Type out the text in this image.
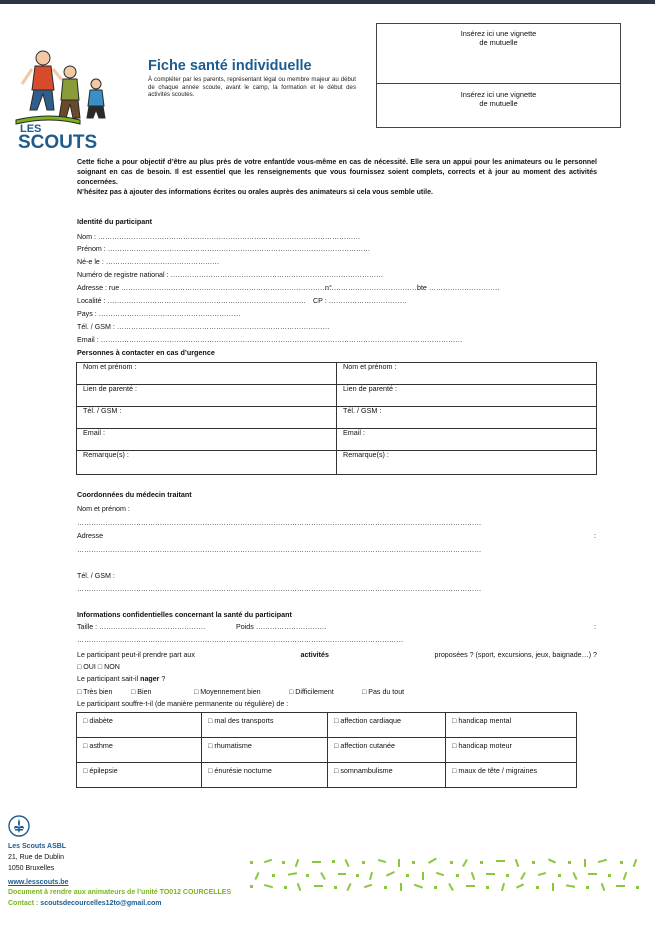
LES
SCOUTS
Fiche santé individuelle
À compléter par les parents, représentant légal ou membre majeur au début de chaque année scoute, avant le camp, la formation et le début des activités scoutes.
Insérez ici une vignette de mutuelle
Insérez ici une vignette de mutuelle
Cette fiche a pour objectif d’être au plus près de votre enfant/de vous-même en cas de nécessité. Elle sera un appui pour les animateurs ou le personnel soignant en cas de besoin. Il est essentiel que les renseignements que vous fournissez soient complets, corrects et à jour au moment des activités concernées.
N’hésitez pas à ajouter des informations écrites ou orales auprès des animateurs si cela vous semble utile.
Identité du participant
Nom : …………………………………………………………………………………………………
Prénom : …………………………………………………………………………………………………
Né-e le : …………………………………………
Numéro de registre national : ………………………………………………………………………………
Adresse : rue ………………………………………………………………………………
n° ………………………………
bte …………………………
Localité : ………………………………………………………………………… CP : ……………………………
Pays : ……………………………………………………
Tél. / GSM : ………………………………………………………………………………
Email : ………………………………………………………………………………………………………………………………………
Personnes à contacter en cas d’urgence
Nom et prénom :	Nom et prénom :
Lien de parenté :	Lien de parenté :
Tél. / GSM :	Tél. / GSM :
Email :	Email :
Remarque(s) :	Remarque(s) :
Coordonnées du médecin traitant
Nom et prénom :
………………………………………………………………………………………………………………………………………………………
Adresse	:
………………………………………………………………………………………………………………………………………………………
Tél. / GSM :
………………………………………………………………………………………………………………………………………………………
Informations confidentielles concernant la santé du participant
Taille : ………………………………………	Poids …………………………	:
…………………………………………………………………………………………………………………………
Le participant peut-il prendre part aux	activités	proposées ? (sport, excursions, jeux, baignade…) ?
□ OUI □ NON
Le participant sait-il nager ?
□ Très bien	□ Bien	□ Moyennement bien	□ Difficilement	□ Pas du tout
Le participant souffre-t-il (de manière permanente ou régulière) de :
□ diabète	□ mal des transports	□ affection cardiaque	□ handicap mental
□ asthme	□ rhumatisme	□ affection cutanée	□ handicap moteur
□ épilepsie	□ énurésie nocturne	□ somnambulisme	□ maux de tête / migraines
Les Scouts ASBL
21, Rue de Dublin
1050 Bruxelles
www.lesscouts.be
Document à rendre aux animateurs de l’unité TO012 COURCELLES
Contact : scoutsdecourcelles12to@gmail.com
